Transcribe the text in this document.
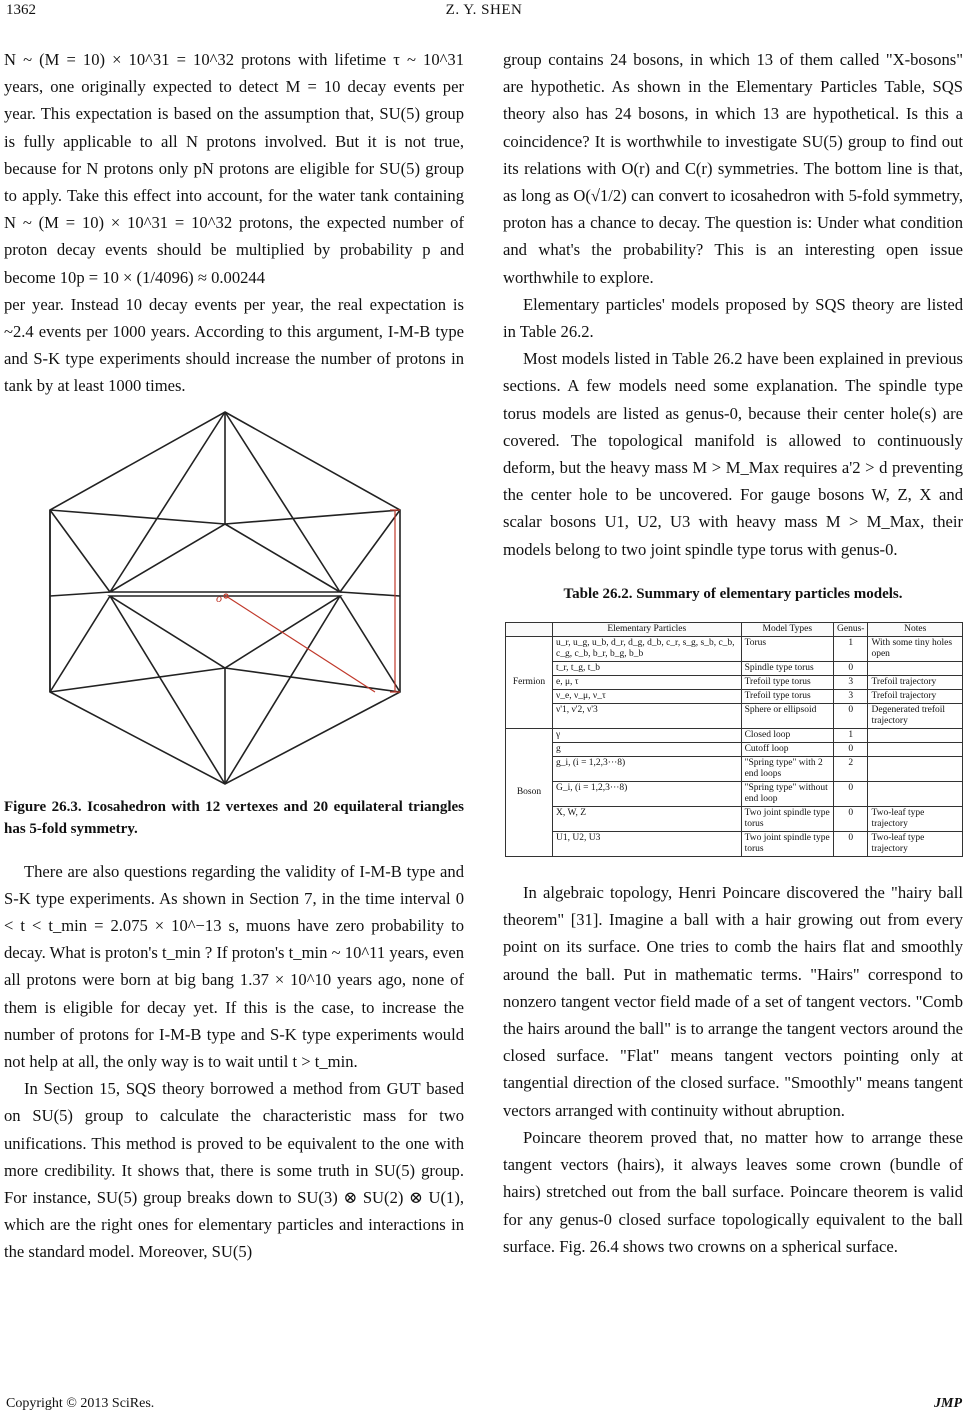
1362	Z. Y. SHEN

N ~ (M = 10) × 10^31 = 10^32 protons with lifetime τ ~ 10^31 years, one originally expected to detect M = 10 decay events per year. This expectation is based on the assumption that, SU(5) group is fully applicable to all N protons involved. But it is not true, because for N protons only pN protons are eligible for SU(5) group to apply. Take this effect into account, for the water tank containing N ~ (M = 10) × 10^31 = 10^32 protons, the expected number of proton decay events should be multiplied by probability p and become 10p = 10 × (1/4096) ≈ 0.00244

per year. Instead 10 decay events per year, the real expectation is ~2.4 events per 1000 years. According to this argument, I-M-B type and S-K type experiments should increase the number of protons in tank by at least 1000 times.

o
Figure 26.3. Icosahedron with 12 vertexes and 20 equilateral triangles has 5-fold symmetry.

There are also questions regarding the validity of I-M-B type and S-K type experiments. As shown in Section 7, in the time interval 0 < t < t_min = 2.075 × 10^−13 s, muons have zero probability to decay. What is proton's t_min ? If proton's t_min ~ 10^11 years, even all protons were born at big bang 1.37 × 10^10 years ago, none of them is eligible for decay yet. If this is the case, to increase the number of protons for I-M-B type and S-K type experiments would not help at all, the only way is to wait until t > t_min.

In Section 15, SQS theory borrowed a method from GUT based on SU(5) group to calculate the characteristic mass for two unifications. This method is proved to be equivalent to the one with more credibility. It shows that, there is some truth in SU(5) group. For instance, SU(5) group breaks down to SU(3) ⊗ SU(2) ⊗ U(1), which are the right ones for elementary particles and interactions in the standard model. Moreover, SU(5)

group contains 24 bosons, in which 13 of them called "X-bosons" are hypothetic. As shown in the Elementary Particles Table, SQS theory also has 24 bosons, in which 13 are hypothetical. Is this a coincidence? It is worthwhile to investigate SU(5) group to find out its relations with O(r) and C(r) symmetries. The bottom line is that, as long as O(√1/2) can convert to icosahedron with 5-fold symmetry, proton has a chance to decay. The question is: Under what condition and what's the probability? This is an interesting open issue worthwhile to explore.

Elementary particles' models proposed by SQS theory are listed in Table 26.2.

Most models listed in Table 26.2 have been explained in previous sections. A few models need some explanation. The spindle type torus models are listed as genus-0, because their center hole(s) are covered. The topological manifold is allowed to continuously deform, but the heavy mass M > M_Max requires a'2 > d preventing the center hole to be uncovered. For gauge bosons W, Z, X and scalar bosons U1, U2, U3 with heavy mass M > M_Max, their models belong to two joint spindle type torus with genus-0.

Table 26.2. Summary of elementary particles models.
	Elementary Particles	Model Types	Genus-	Notes
Fermion	u_r, u_g, u_b, d_r, d_g, d_b, c_r, s_g, s_b, c_b, c_g, c_b, b_r, b_g, b_b	Torus	1	With some tiny holes open
	t_r, t_g, t_b	Spindle type torus	0	
	e, μ, τ	Trefoil type torus	3	Trefoil trajectory
	ν_e, ν_μ, ν_τ	Trefoil type torus	3	Trefoil trajectory
	ν'1, ν'2, ν'3	Sphere or ellipsoid	0	Degenerated trefoil trajectory
Boson	γ	Closed loop	1	
	g	Cutoff loop	0	
	g_i, (i = 1,2,3···8)	"Spring type" with 2 end loops	2	
	G_i, (i = 1,2,3···8)	"Spring type" without end loop	0	
	X, W, Z	Two joint spindle type torus	0	Two-leaf type trajectory
	U1, U2, U3	Two joint spindle type torus	0	Two-leaf type trajectory

In algebraic topology, Henri Poincare discovered the "hairy ball theorem" [31]. Imagine a ball with a hair growing out from every point on its surface. One tries to comb the hairs flat and smoothly around the ball. Put in mathematic terms. "Hairs" correspond to nonzero tangent vector field made of a set of tangent vectors. "Comb the hairs around the ball" is to arrange the tangent vectors around the closed surface. "Flat" means tangent vectors pointing only at tangential direction of the closed surface. "Smoothly" means tangent vectors arranged with continuity without abruption.

Poincare theorem proved that, no matter how to arrange these tangent vectors (hairs), it always leaves some crown (bundle of hairs) stretched out from the ball surface. Poincare theorem is valid for any genus-0 closed surface topologically equivalent to the ball surface. Fig. 26.4 shows two crowns on a spherical surface.

Copyright © 2013 SciRes.	JMP
